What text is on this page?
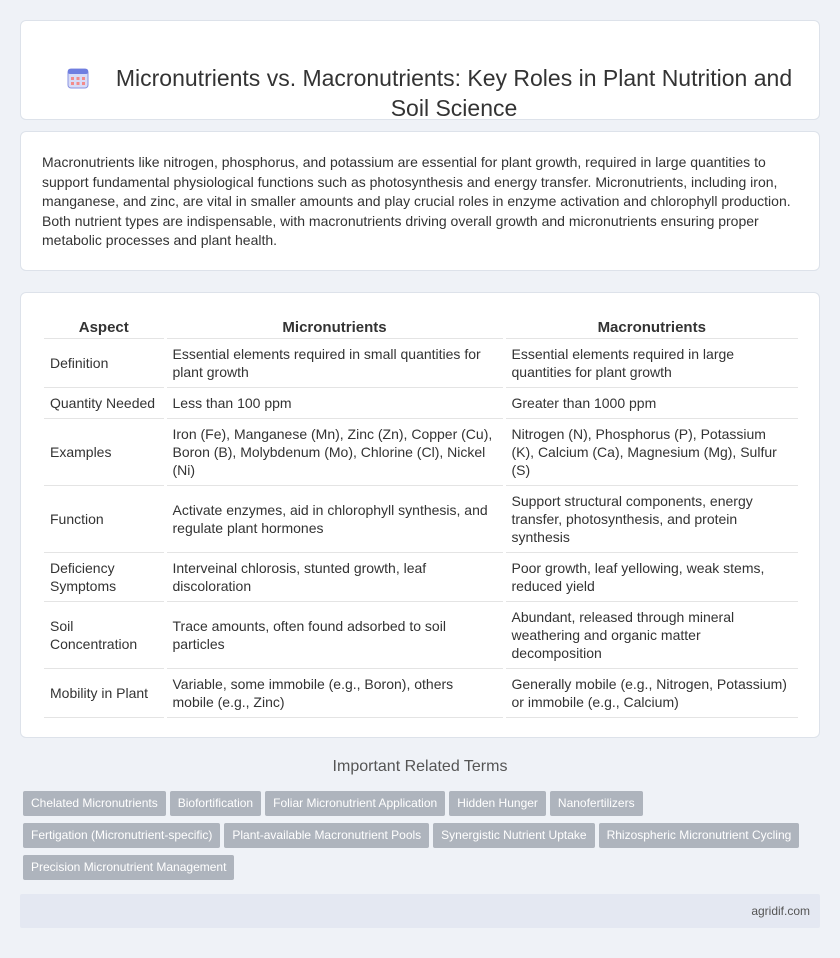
Micronutrients vs. Macronutrients: Key Roles in Plant Nutrition and Soil Science

Macronutrients like nitrogen, phosphorus, and potassium are essential for plant growth, required in large quantities to support fundamental physiological functions such as photosynthesis and energy transfer. Micronutrients, including iron, manganese, and zinc, are vital in smaller amounts and play crucial roles in enzyme activation and chlorophyll production. Both nutrient types are indispensable, with macronutrients driving overall growth and micronutrients ensuring proper metabolic processes and plant health.

Aspect	Micronutrients	Macronutrients
Definition	Essential elements required in small quantities for plant growth	Essential elements required in large quantities for plant growth
Quantity Needed	Less than 100 ppm	Greater than 1000 ppm
Examples	Iron (Fe), Manganese (Mn), Zinc (Zn), Copper (Cu), Boron (B), Molybdenum (Mo), Chlorine (Cl), Nickel (Ni)	Nitrogen (N), Phosphorus (P), Potassium (K), Calcium (Ca), Magnesium (Mg), Sulfur (S)
Function	Activate enzymes, aid in chlorophyll synthesis, and regulate plant hormones	Support structural components, energy transfer, photosynthesis, and protein synthesis
Deficiency Symptoms	Interveinal chlorosis, stunted growth, leaf discoloration	Poor growth, leaf yellowing, weak stems, reduced yield
Soil Concentration	Trace amounts, often found adsorbed to soil particles	Abundant, released through mineral weathering and organic matter decomposition
Mobility in Plant	Variable, some immobile (e.g., Boron), others mobile (e.g., Zinc)	Generally mobile (e.g., Nitrogen, Potassium) or immobile (e.g., Calcium)
Important Related Terms
Chelated Micronutrients Biofortification Foliar Micronutrient Application Hidden Hunger Nanofertilizers
Fertigation (Micronutrient-specific) Plant-available Macronutrient Pools Synergistic Nutrient Uptake Rhizospheric Micronutrient Cycling
Precision Micronutrient Management
agridif.com
